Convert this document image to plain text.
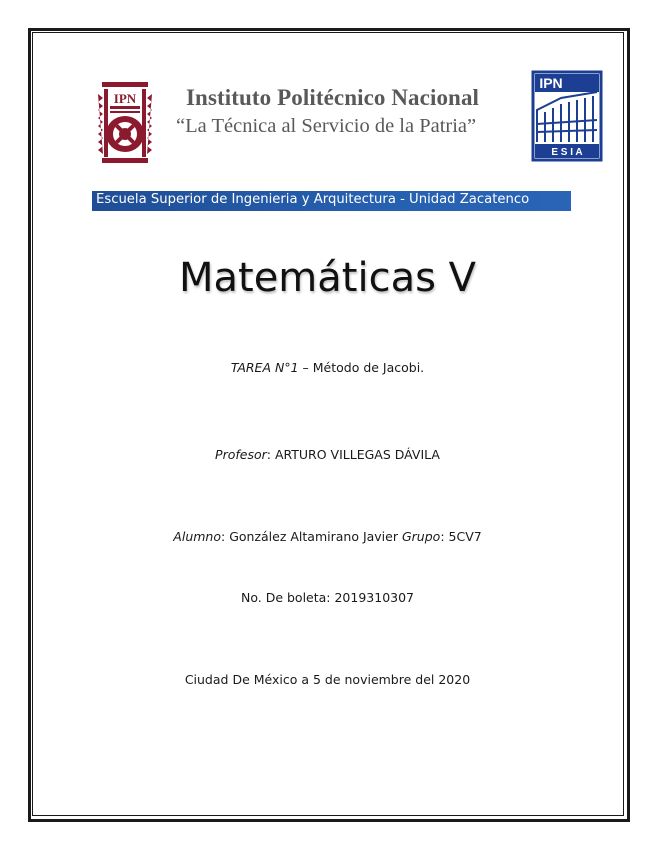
IPN Instituto Politécnico Nacional
“La Técnica al Servicio de la Patria”
IPN
E S I A
Escuela Superior de Ingenieria y Arquitectura - Unidad Zacatenco
Matemáticas V
TAREA N°1 – Método de Jacobi.
Profesor: ARTURO VILLEGAS DÁVILA
Alumno: González Altamirano Javier Grupo: 5CV7
No. De boleta: 2019310307
Ciudad De México a 5 de noviembre del 2020
